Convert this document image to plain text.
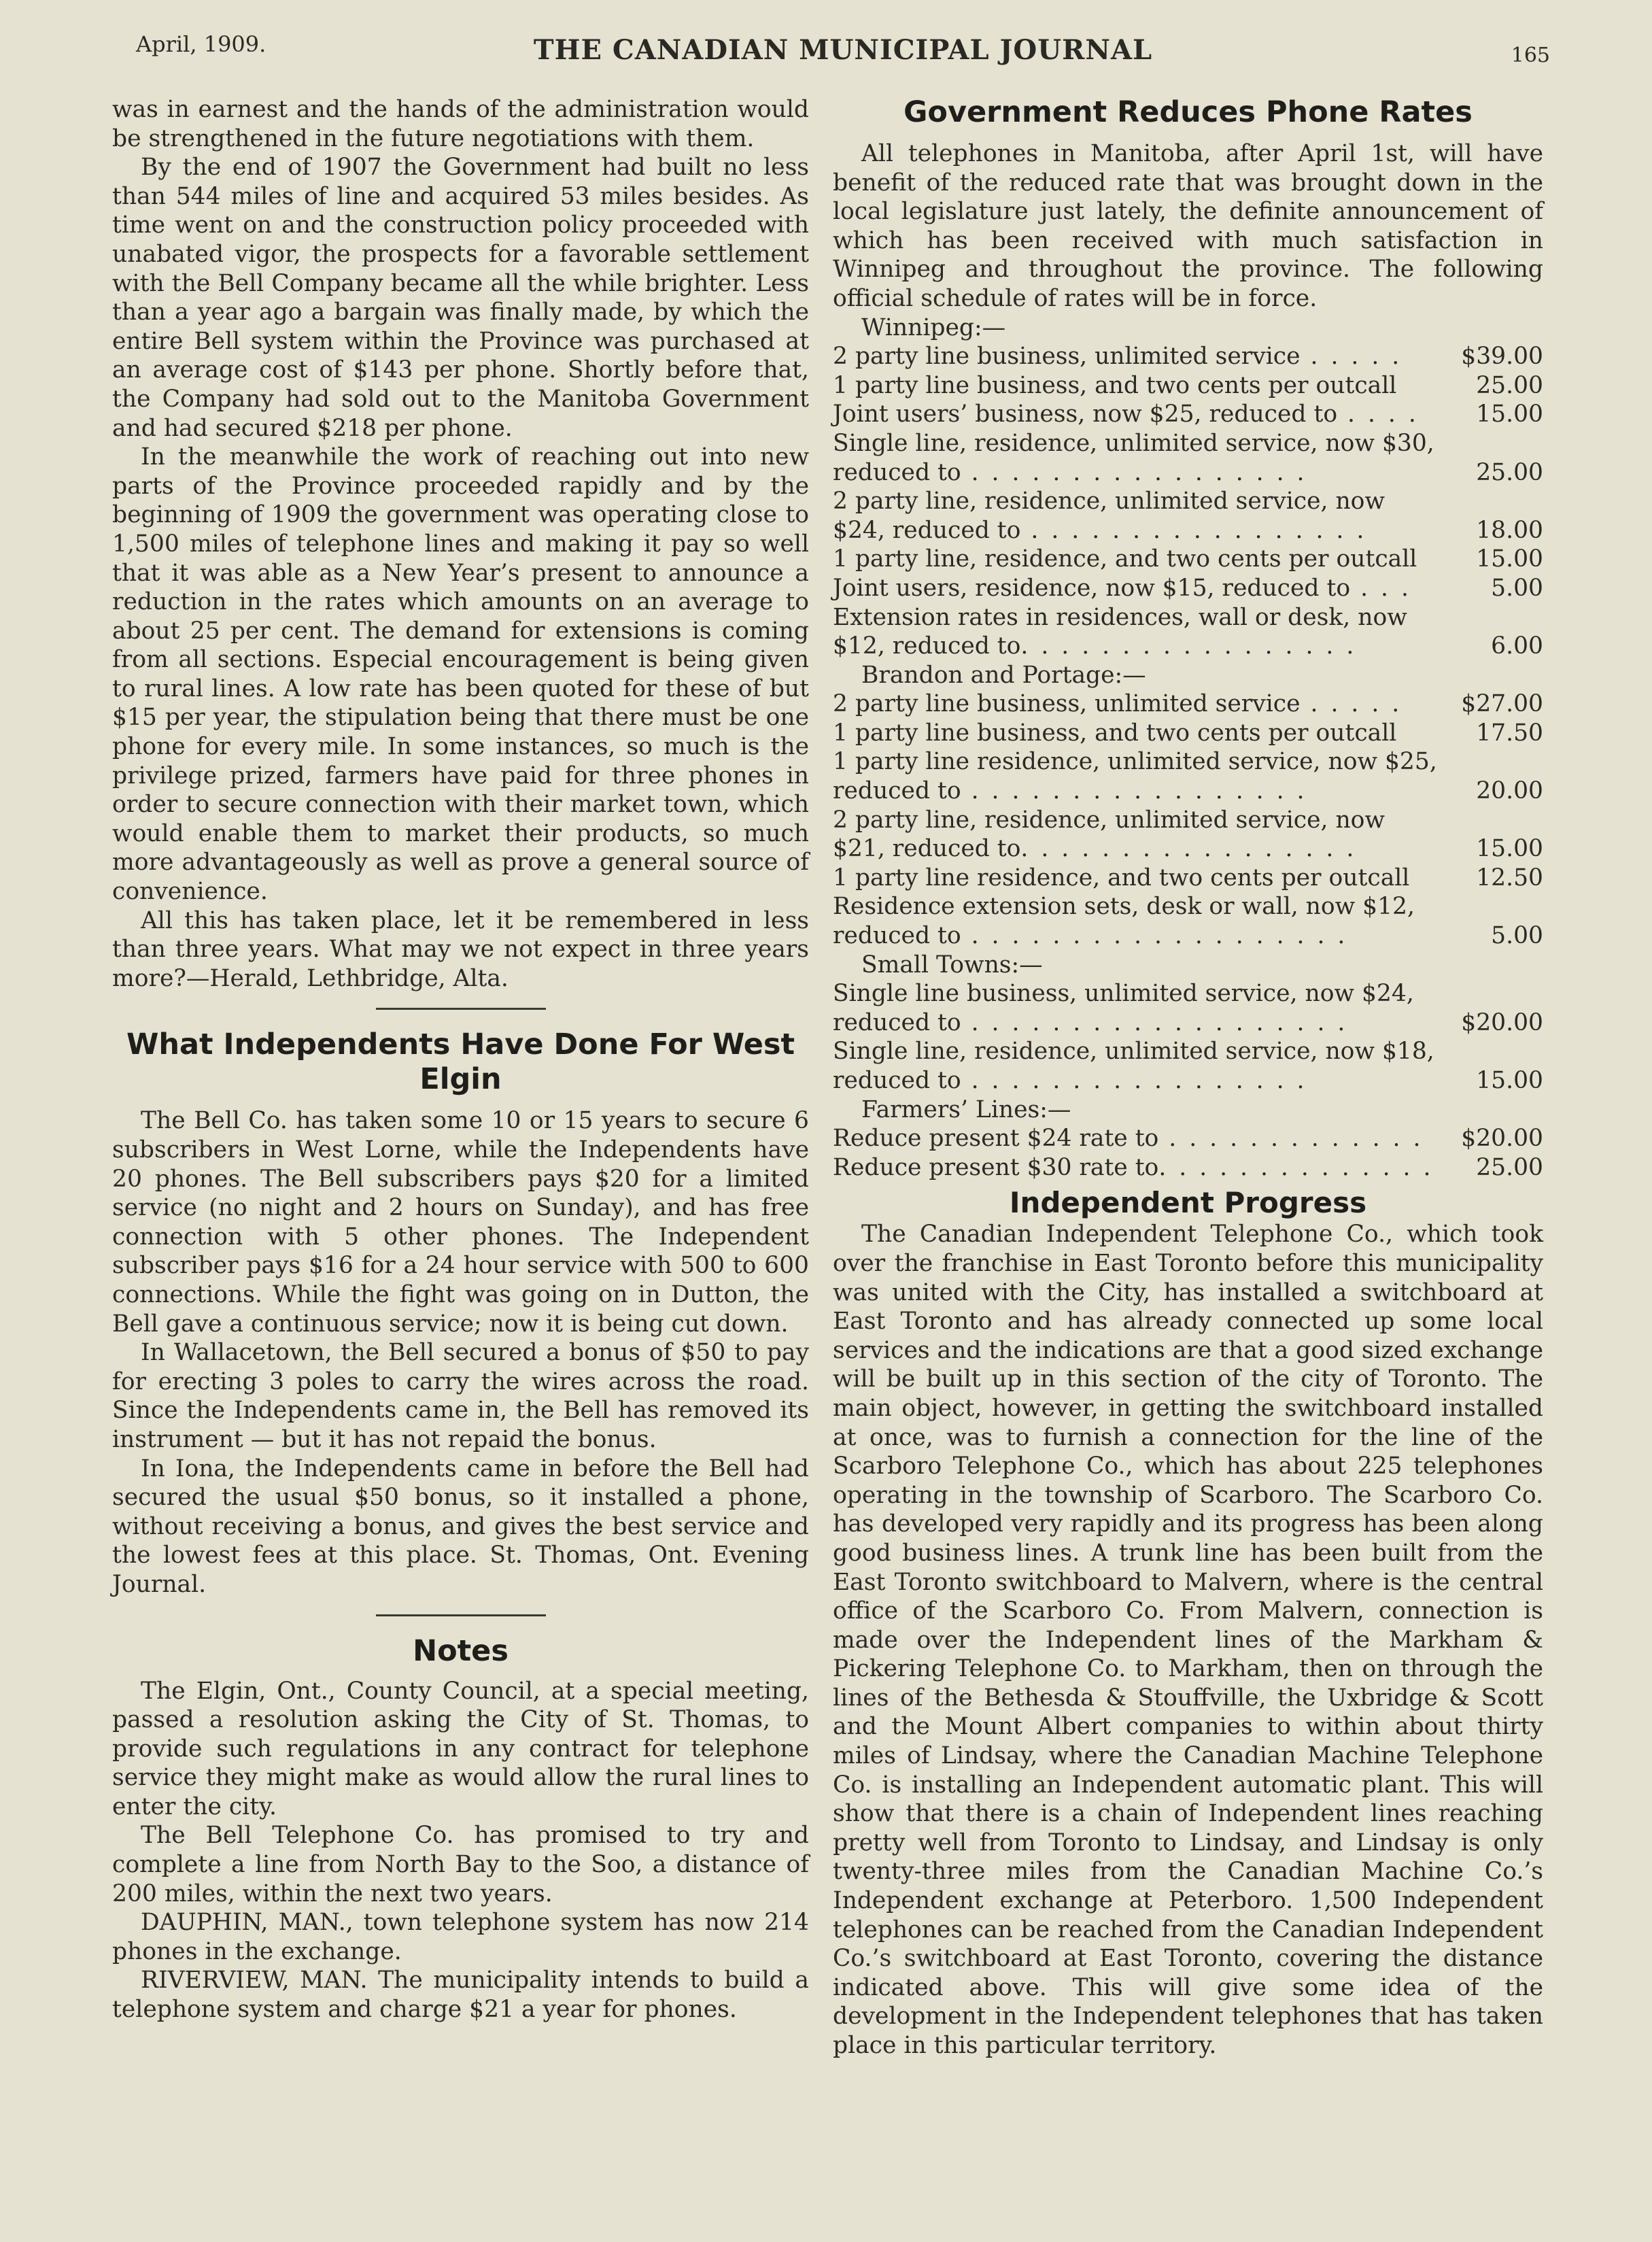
April, 1909.	THE CANADIAN MUNICIPAL JOURNAL	165

was in earnest and the hands of the administration would be strengthened in the future negotiations with them.

By the end of 1907 the Government had built no less than 544 miles of line and acquired 53 miles besides. As time went on and the construction policy proceeded with unabated vigor, the prospects for a favorable settlement with the Bell Company became all the while brighter. Less than a year ago a bargain was finally made, by which the entire Bell system within the Province was purchased at an average cost of $143 per phone. Shortly before that, the Company had sold out to the Manitoba Government and had secured $218 per phone.

In the meanwhile the work of reaching out into new parts of the Province proceeded rapidly and by the beginning of 1909 the government was operating close to 1,500 miles of telephone lines and making it pay so well that it was able as a New Year’s present to announce a reduction in the rates which amounts on an average to about 25 per cent. The demand for extensions is coming from all sections. Especial encouragement is being given to rural lines. A low rate has been quoted for these of but $15 per year, the stipulation being that there must be one phone for every mile. In some instances, so much is the privilege prized, farmers have paid for three phones in order to secure connection with their market town, which would enable them to market their products, so much more advantageously as well as prove a general source of convenience.

All this has taken place, let it be remembered in less than three years. What may we not expect in three years more?—Herald, Lethbridge, Alta.

What Independents Have Done For West Elgin

The Bell Co. has taken some 10 or 15 years to secure 6 subscribers in West Lorne, while the Independents have 20 phones. The Bell subscribers pays $20 for a limited service (no night and 2 hours on Sunday), and has free connection with 5 other phones. The Independent subscriber pays $16 for a 24 hour service with 500 to 600 connections. While the fight was going on in Dutton, the Bell gave a continuous service; now it is being cut down.

In Wallacetown, the Bell secured a bonus of $50 to pay for erecting 3 poles to carry the wires across the road. Since the Independents came in, the Bell has removed its instrument — but it has not repaid the bonus.

In Iona, the Independents came in before the Bell had secured the usual $50 bonus, so it installed a phone, without receiving a bonus, and gives the best service and the lowest fees at this place. St. Thomas, Ont. Evening Journal.

Notes

The Elgin, Ont., County Council, at a special meeting, passed a resolution asking the City of St. Thomas, to provide such regulations in any contract for telephone service they might make as would allow the rural lines to enter the city.

The Bell Telephone Co. has promised to try and complete a line from North Bay to the Soo, a distance of 200 miles, within the next two years.

DAUPHIN, MAN., town telephone system has now 214 phones in the exchange.

RIVERVIEW, MAN. The municipality intends to build a telephone system and charge $21 a year for phones.

Government Reduces Phone Rates

All telephones in Manitoba, after April 1st, will have benefit of the reduced rate that was brought down in the local legislature just lately, the definite announcement of which has been received with much satisfaction in Winnipeg and throughout the province. The following official schedule of rates will be in force.

Winnipeg:—
2 party line business, unlimited service . . . . .	$39.00
1 party line business, and two cents per outcall	25.00
Joint users’ business, now $25, reduced to . . . . 15.00
Single line, residence, unlimited service, now $30, reduced to . . . . . . . . . . . . . . . . .	25.00
2 party line, residence, unlimited service, now $24, reduced to . . . . . . . . . . . . . . . . .	18.00
1 party line, residence, and two cents per outcall	15.00
Joint users, residence, now $15, reduced to . . .	5.00
Extension rates in residences, wall or desk, now $12, reduced to. . . . . . . . . . . . . . . . .	6.00
Brandon and Portage:—
2 party line business, unlimited service . . . . .	$27.00
1 party line business, and two cents per outcall	17.50
1 party line residence, unlimited service, now $25, reduced to . . . . . . . . . . . . . . . . .	20.00
2 party line, residence, unlimited service, now $21, reduced to. . . . . . . . . . . . . . . . .	15.00
1 party line residence, and two cents per outcall	12.50
Residence extension sets, desk or wall, now $12, reduced to . . . . . . . . . . . . . . . . . . .	5.00
Small Towns:—
Single line business, unlimited service, now $24, reduced to . . . . . . . . . . . . . . . . . . .	$20.00
Single line, residence, unlimited service, now $18, reduced to . . . . . . . . . . . . . . . . .	15.00
Farmers’ Lines:—
Reduce present $24 rate to . . . . . . . . . . . . . $20.00
Reduce present $30 rate to. . . . . . . . . . . . . . 25.00
Independent Progress

The Canadian Independent Telephone Co., which took over the franchise in East Toronto before this municipality was united with the City, has installed a switchboard at East Toronto and has already connected up some local services and the indications are that a good sized exchange will be built up in this section of the city of Toronto. The main object, however, in getting the switchboard installed at once, was to furnish a connection for the line of the Scarboro Telephone Co., which has about 225 telephones operating in the township of Scarboro. The Scarboro Co. has developed very rapidly and its progress has been along good business lines. A trunk line has been built from the East Toronto switchboard to Malvern, where is the central office of the Scarboro Co. From Malvern, connection is made over the Independent lines of the Markham & Pickering Telephone Co. to Markham, then on through the lines of the Bethesda & Stouffville, the Uxbridge & Scott and the Mount Albert companies to within about thirty miles of Lindsay, where the Canadian Machine Telephone Co. is installing an Independent automatic plant. This will show that there is a chain of Independent lines reaching pretty well from Toronto to Lindsay, and Lindsay is only twenty-three miles from the Canadian Machine Co.’s Independent exchange at Peterboro. 1,500 Independent telephones can be reached from the Canadian Independent Co.’s switchboard at East Toronto, covering the distance indicated above. This will give some idea of the development in the Independent telephones that has taken place in this particular territory.
